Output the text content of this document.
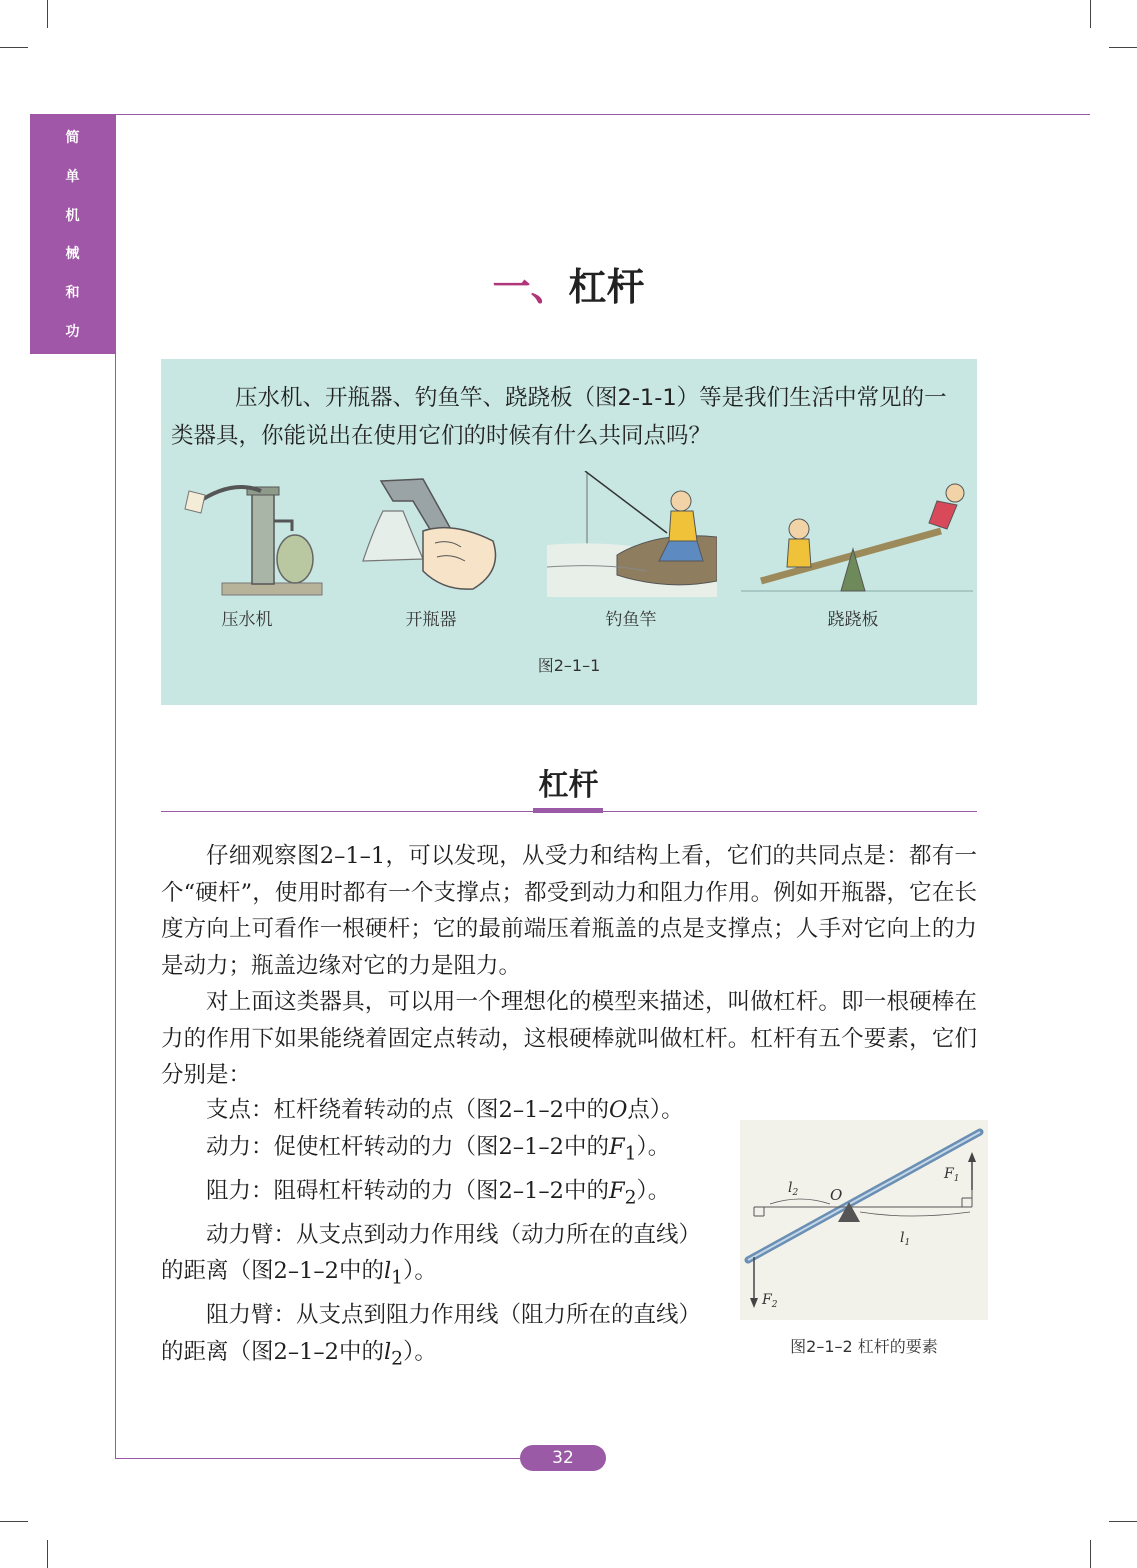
简
单
机
械
和
功
一、杠杆
压水机、开瓶器、钓鱼竿、跷跷板（图2-1-1）等是我们生活中常见的一类器具，你能说出在使用它们的时候有什么共同点吗？
压水机	开瓶器	钓鱼竿	跷跷板
图2–1–1
杠杆

仔细观察图2–1–1，可以发现，从受力和结构上看，它们的共同点是：都有一个“硬杆”，使用时都有一个支撑点；都受到动力和阻力作用。例如开瓶器，它在长度方向上可看作一根硬杆；它的最前端压着瓶盖的点是支撑点；人手对它向上的力是动力；瓶盖边缘对它的力是阻力。

对上面这类器具，可以用一个理想化的模型来描述，叫做杠杆。即一根硬棒在力的作用下如果能绕着固定点转动，这根硬棒就叫做杠杆。杠杆有五个要素，它们分别是：

支点：杠杆绕着转动的点（图2–1–2中的O点）。

动力：促使杠杆转动的力（图2–1–2中的$F_1$）。

阻力：阻碍杠杆转动的力（图2–1–2中的$F_2$）。

动力臂：从支点到动力作用线（动力所在的直线）的距离（图2–1–2中的$l_1$）。

阻力臂：从支点到阻力作用线（阻力所在的直线）的距离（图2–1–2中的$l_2$）。

$l_2$ O
$l_1$
$F_1$
$F_2$
图2–1–2 杠杆的要素
32
